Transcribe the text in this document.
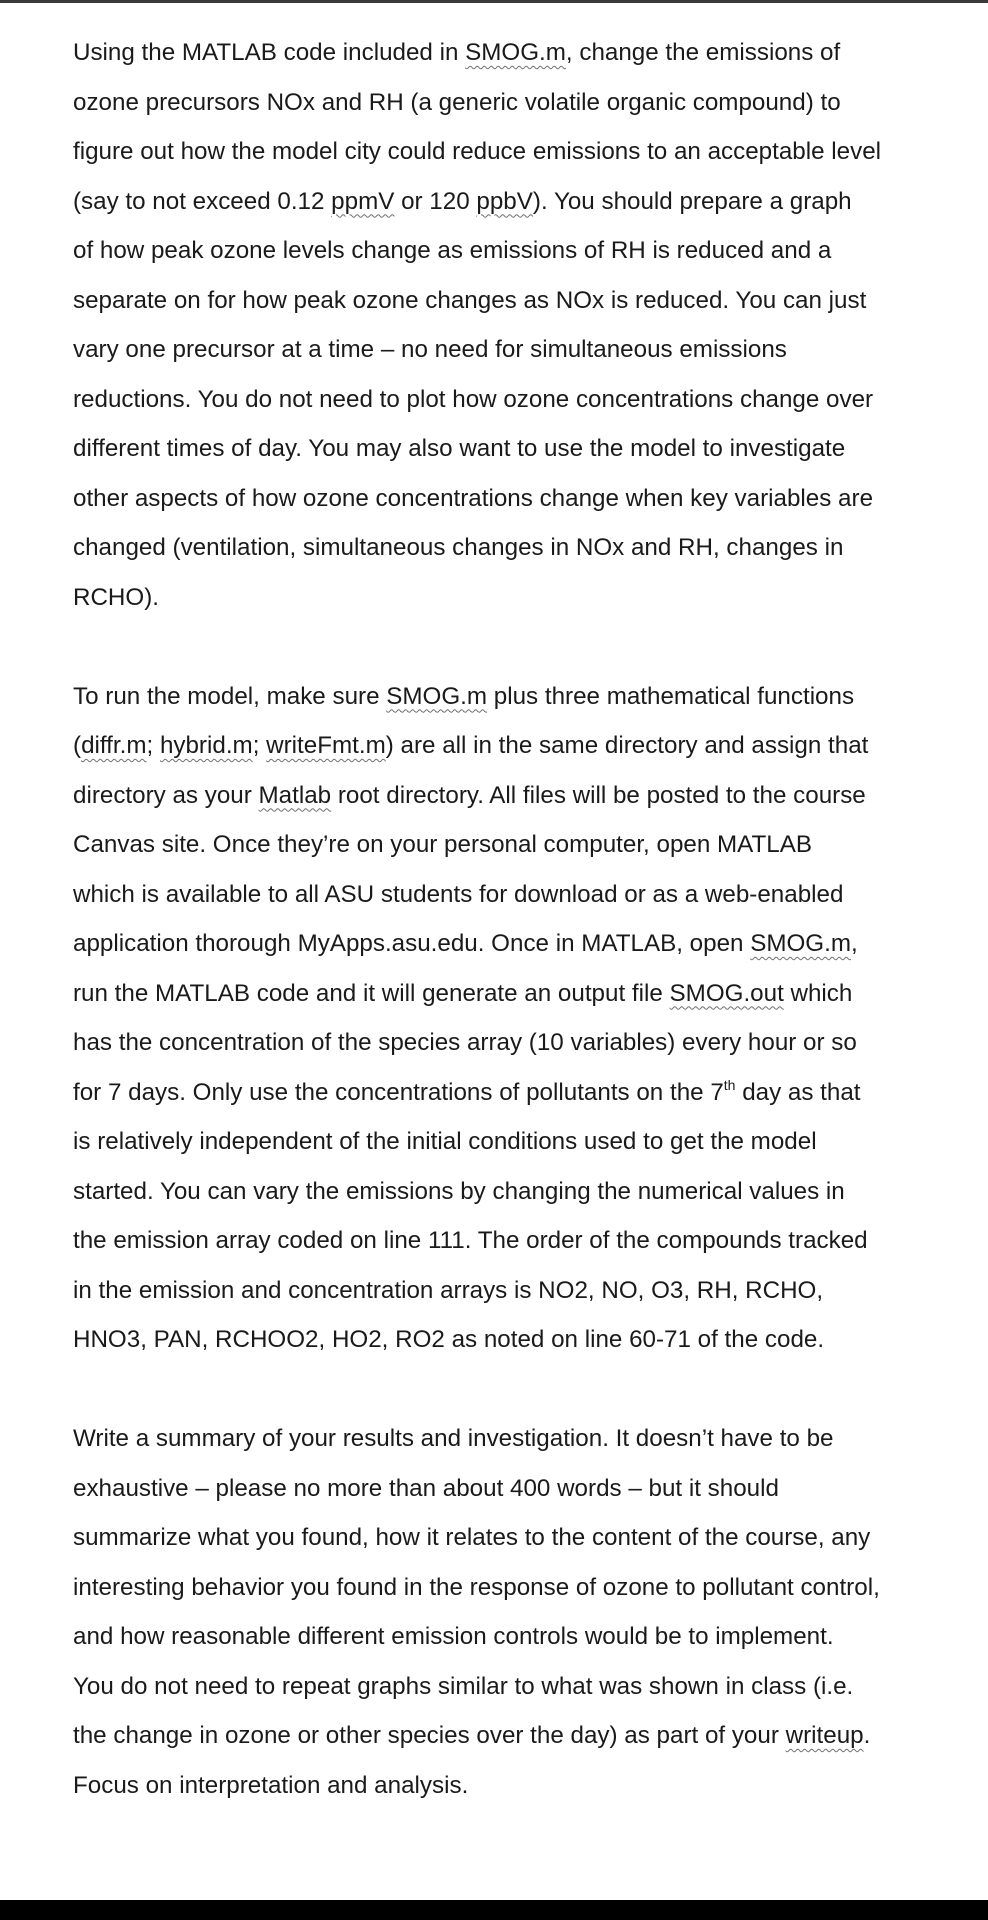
Using the MATLAB code included in SMOG.m, change the emissions of
ozone precursors NOx and RH (a generic volatile organic compound) to
figure out how the model city could reduce emissions to an acceptable level
(say to not exceed 0.12 ppmV or 120 ppbV). You should prepare a graph
of how peak ozone levels change as emissions of RH is reduced and a
separate on for how peak ozone changes as NOx is reduced. You can just
vary one precursor at a time – no need for simultaneous emissions
reductions. You do not need to plot how ozone concentrations change over
different times of day. You may also want to use the model to investigate
other aspects of how ozone concentrations change when key variables are
changed (ventilation, simultaneous changes in NOx and RH, changes in
RCHO).

To run the model, make sure SMOG.m plus three mathematical functions
(diffr.m; hybrid.m; writeFmt.m) are all in the same directory and assign that
directory as your Matlab root directory. All files will be posted to the course
Canvas site. Once they’re on your personal computer, open MATLAB
which is available to all ASU students for download or as a web-enabled
application thorough MyApps.asu.edu. Once in MATLAB, open SMOG.m,
run the MATLAB code and it will generate an output file SMOG.out which
has the concentration of the species array (10 variables) every hour or so
for 7 days. Only use the concentrations of pollutants on the 7th day as that
is relatively independent of the initial conditions used to get the model
started. You can vary the emissions by changing the numerical values in
the emission array coded on line 111. The order of the compounds tracked
in the emission and concentration arrays is NO2, NO, O3, RH, RCHO,
HNO3, PAN, RCHOO2, HO2, RO2 as noted on line 60-71 of the code.

Write a summary of your results and investigation. It doesn’t have to be
exhaustive – please no more than about 400 words – but it should
summarize what you found, how it relates to the content of the course, any
interesting behavior you found in the response of ozone to pollutant control,
and how reasonable different emission controls would be to implement.
You do not need to repeat graphs similar to what was shown in class (i.e.
the change in ozone or other species over the day) as part of your writeup.
Focus on interpretation and analysis.
